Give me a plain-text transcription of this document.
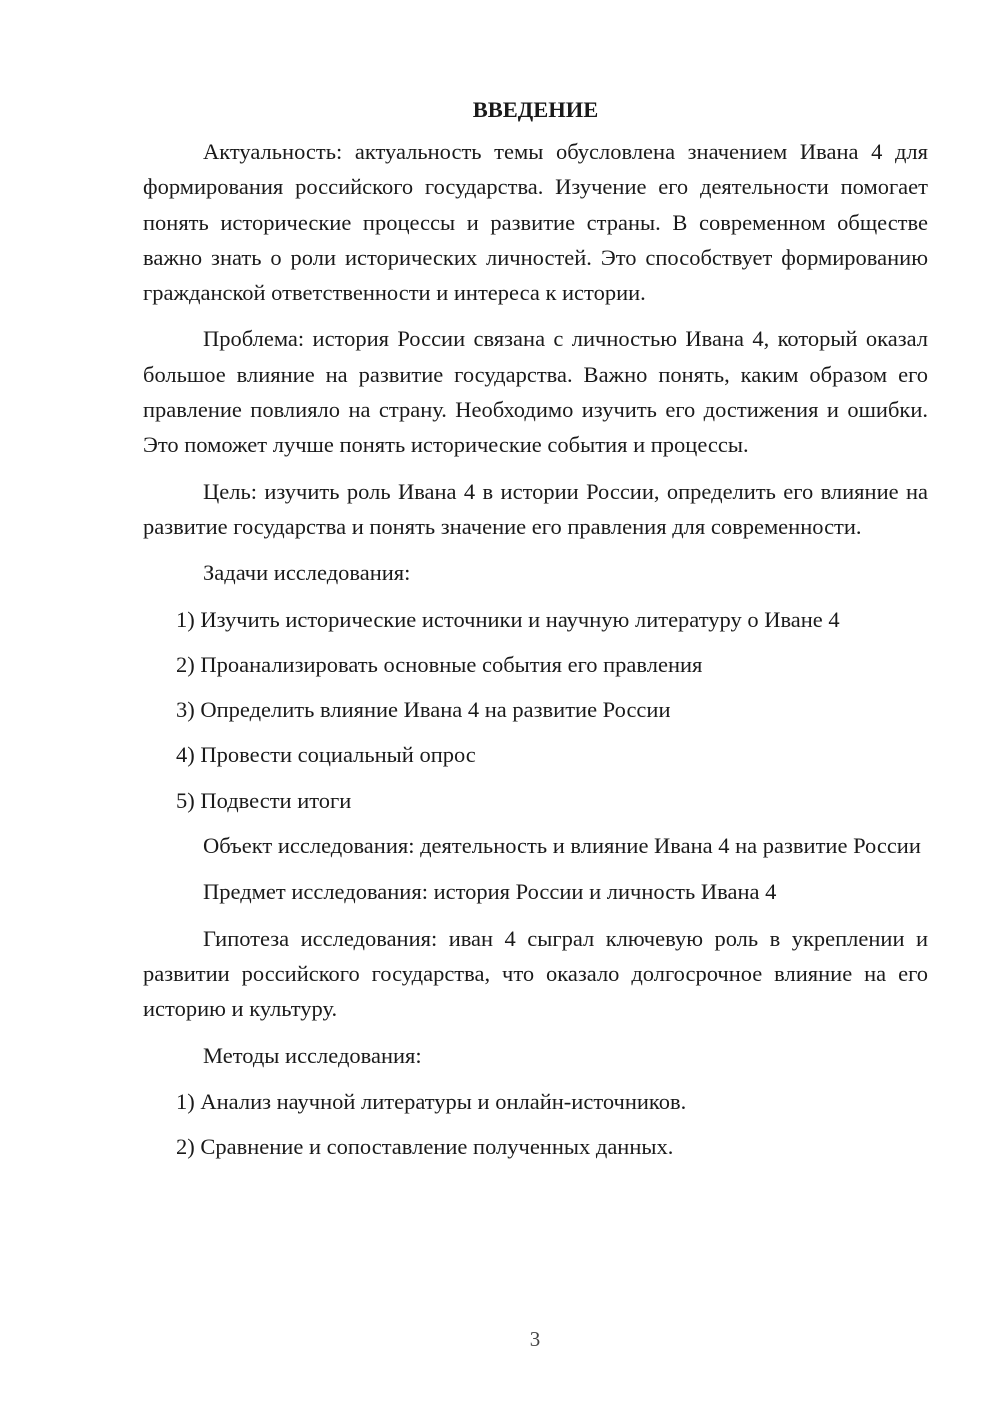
ВВЕДЕНИЕ

Актуальность: актуальность темы обусловлена значением Ивана 4 для формирования российского государства. Изучение его деятельности помогает понять исторические процессы и развитие страны. В современном обществе важно знать о роли исторических личностей. Это способствует формированию гражданской ответственности и интереса к истории.

Проблема: история России связана с личностью Ивана 4, который оказал большое влияние на развитие государства. Важно понять, каким образом его правление повлияло на страну. Необходимо изучить его достижения и ошибки. Это поможет лучше понять исторические события и процессы.

Цель: изучить роль Ивана 4 в истории России, определить его влияние на развитие государства и понять значение его правления для современности.

Задачи исследования:

1) Изучить исторические источники и научную литературу о Иване 4

2) Проанализировать основные события его правления

3) Определить влияние Ивана 4 на развитие России

4) Провести социальный опрос

5) Подвести итоги

Объект исследования: деятельность и влияние Ивана 4 на развитие России

Предмет исследования: история России и личность Ивана 4

Гипотеза исследования: иван 4 сыграл ключевую роль в укреплении и развитии российского государства, что оказало долгосрочное влияние на его историю и культуру.

Методы исследования:

1) Анализ научной литературы и онлайн-источников.

2) Сравнение и сопоставление полученных данных.

3
